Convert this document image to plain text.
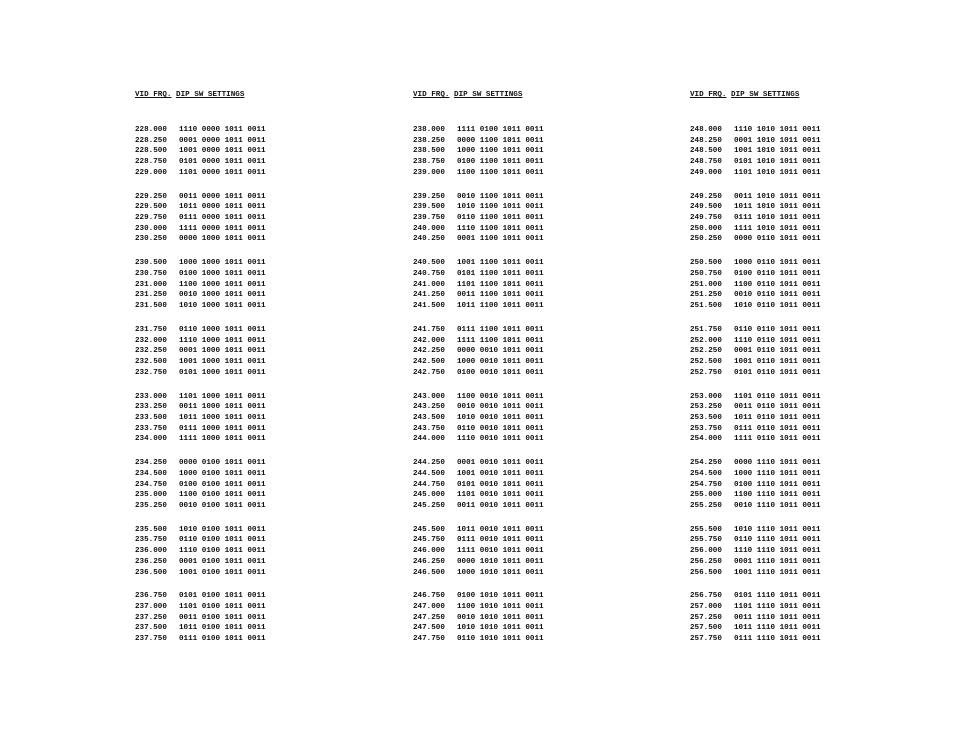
VID FRQ. DIP SW SETTINGS
228.000	1110 0000 1011 0011
228.250	0001 0000 1011 0011
228.500	1001 0000 1011 0011
228.750	0101 0000 1011 0011
229.000	1101 0000 1011 0011
229.250	0011 0000 1011 0011
229.500	1011 0000 1011 0011
229.750	0111 0000 1011 0011
230.000	1111 0000 1011 0011
230.250	0000 1000 1011 0011
230.500	1000 1000 1011 0011
230.750	0100 1000 1011 0011
231.000	1100 1000 1011 0011
231.250	0010 1000 1011 0011
231.500	1010 1000 1011 0011
231.750	0110 1000 1011 0011
232.000	1110 1000 1011 0011
232.250	0001 1000 1011 0011
232.500	1001 1000 1011 0011
232.750	0101 1000 1011 0011
233.000	1101 1000 1011 0011
233.250	0011 1000 1011 0011
233.500	1011 1000 1011 0011
233.750	0111 1000 1011 0011
234.000	1111 1000 1011 0011
234.250	0000 0100 1011 0011
234.500	1000 0100 1011 0011
234.750	0100 0100 1011 0011
235.000	1100 0100 1011 0011
235.250	0010 0100 1011 0011
235.500	1010 0100 1011 0011
235.750	0110 0100 1011 0011
236.000	1110 0100 1011 0011
236.250	0001 0100 1011 0011
236.500	1001 0100 1011 0011
236.750	0101 0100 1011 0011
237.000	1101 0100 1011 0011
237.250	0011 0100 1011 0011
237.500	1011 0100 1011 0011
237.750	0111 0100 1011 0011
VID FRQ. DIP SW SETTINGS
238.000	1111 0100 1011 0011
238.250	0000 1100 1011 0011
238.500	1000 1100 1011 0011
238.750	0100 1100 1011 0011
239.000	1100 1100 1011 0011
239.250	0010 1100 1011 0011
239.500	1010 1100 1011 0011
239.750	0110 1100 1011 0011
240.000	1110 1100 1011 0011
240.250	0001 1100 1011 0011
240.500	1001 1100 1011 0011
240.750	0101 1100 1011 0011
241.000	1101 1100 1011 0011
241.250	0011 1100 1011 0011
241.500	1011 1100 1011 0011
241.750	0111 1100 1011 0011
242.000	1111 1100 1011 0011
242.250	0000 0010 1011 0011
242.500	1000 0010 1011 0011
242.750	0100 0010 1011 0011
243.000	1100 0010 1011 0011
243.250	0010 0010 1011 0011
243.500	1010 0010 1011 0011
243.750	0110 0010 1011 0011
244.000	1110 0010 1011 0011
244.250	0001 0010 1011 0011
244.500	1001 0010 1011 0011
244.750	0101 0010 1011 0011
245.000	1101 0010 1011 0011
245.250	0011 0010 1011 0011
245.500	1011 0010 1011 0011
245.750	0111 0010 1011 0011
246.000	1111 0010 1011 0011
246.250	0000 1010 1011 0011
246.500	1000 1010 1011 0011
246.750	0100 1010 1011 0011
247.000	1100 1010 1011 0011
247.250	0010 1010 1011 0011
247.500	1010 1010 1011 0011
247.750	0110 1010 1011 0011
VID FRQ. DIP SW SETTINGS
248.000	1110 1010 1011 0011
248.250	0001 1010 1011 0011
248.500	1001 1010 1011 0011
248.750	0101 1010 1011 0011
249.000	1101 1010 1011 0011
249.250	0011 1010 1011 0011
249.500	1011 1010 1011 0011
249.750	0111 1010 1011 0011
250.000	1111 1010 1011 0011
250.250	0000 0110 1011 0011
250.500	1000 0110 1011 0011
250.750	0100 0110 1011 0011
251.000	1100 0110 1011 0011
251.250	0010 0110 1011 0011
251.500	1010 0110 1011 0011
251.750	0110 0110 1011 0011
252.000	1110 0110 1011 0011
252.250	0001 0110 1011 0011
252.500	1001 0110 1011 0011
252.750	0101 0110 1011 0011
253.000	1101 0110 1011 0011
253.250	0011 0110 1011 0011
253.500	1011 0110 1011 0011
253.750	0111 0110 1011 0011
254.000	1111 0110 1011 0011
254.250	0000 1110 1011 0011
254.500	1000 1110 1011 0011
254.750	0100 1110 1011 0011
255.000	1100 1110 1011 0011
255.250	0010 1110 1011 0011
255.500	1010 1110 1011 0011
255.750	0110 1110 1011 0011
256.000	1110 1110 1011 0011
256.250	0001 1110 1011 0011
256.500	1001 1110 1011 0011
256.750	0101 1110 1011 0011
257.000	1101 1110 1011 0011
257.250	0011 1110 1011 0011
257.500	1011 1110 1011 0011
257.750	0111 1110 1011 0011
